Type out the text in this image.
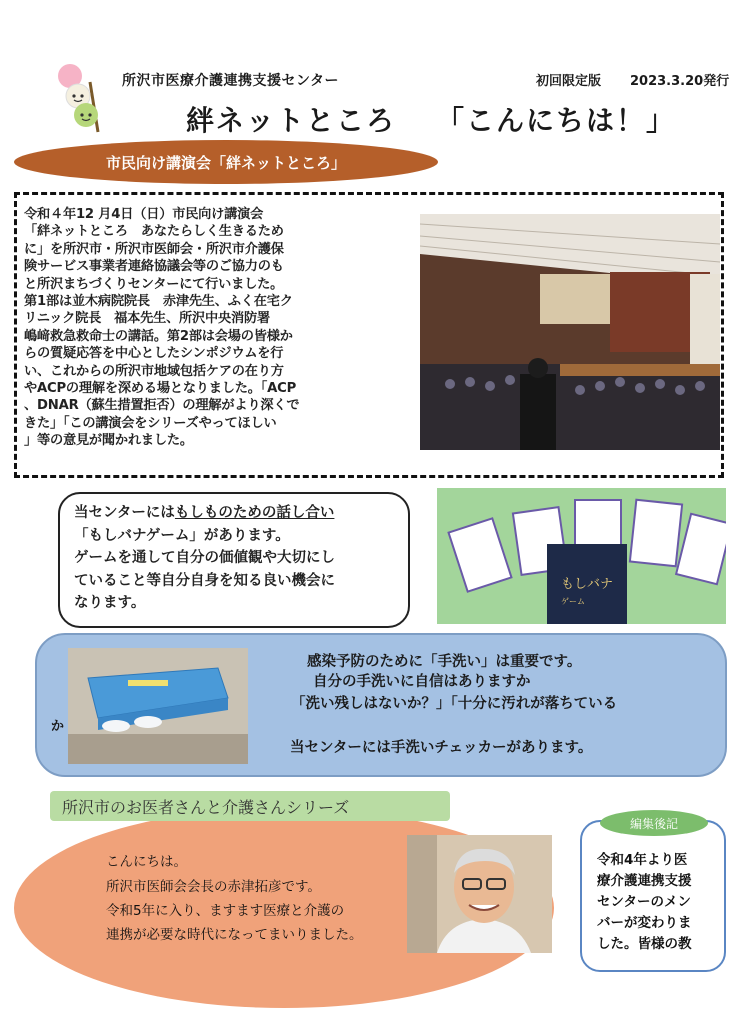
所沢市医療介護連携支援センター	初回限定版 2023.3.20発行
絆ネットところ 「こんにちは！」
市民向け講演会「絆ネットところ」
令和４年12 月4日（日）市民向け講演会
「絆ネットところ　あなたらしく生きるため
に」を所沢市・所沢市医師会・所沢市介護保
険サービス事業者連絡協議会等のご協力のも
と所沢まちづくりセンターにて行いました。
第1部は並木病院院長　赤津先生、ふく在宅ク
リニック院長　福本先生、所沢中央消防署
嶋﨑救急救命士の講話。第2部は会場の皆様か
らの質疑応答を中心としたシンポジウムを行
い、これからの所沢市地域包括ケアの在り方
やACPの理解を深める場となりました。「ACP
、DNAR（蘇生措置拒否）の理解がより深くで
きた」「この講演会をシリーズやってほしい
」等の意見が聞かれました。
当センターにはもしものための話し合い
「もしバナゲーム」があります。
ゲームを通して自分の価値観や大切にし
ていること等自分自身を知る良い機会に
なります。
もしバナ
ゲーム
感染予防のために「手洗い」は重要です。
自分の手洗いに自信はありますか
「洗い残しはないか？」「十分に汚れが落ちている
か
当センターには手洗いチェッカーがあります。
所沢市のお医者さんと介護さんシリーズ
こんにちは。
所沢市医師会会長の赤津拓彦です。
令和5年に入り、ますます医療と介護の
連携が必要な時代になってまいりました。
編集後記
令和4年より医
療介護連携支援
センターのメン
バーが変わりま
した。皆様の教
